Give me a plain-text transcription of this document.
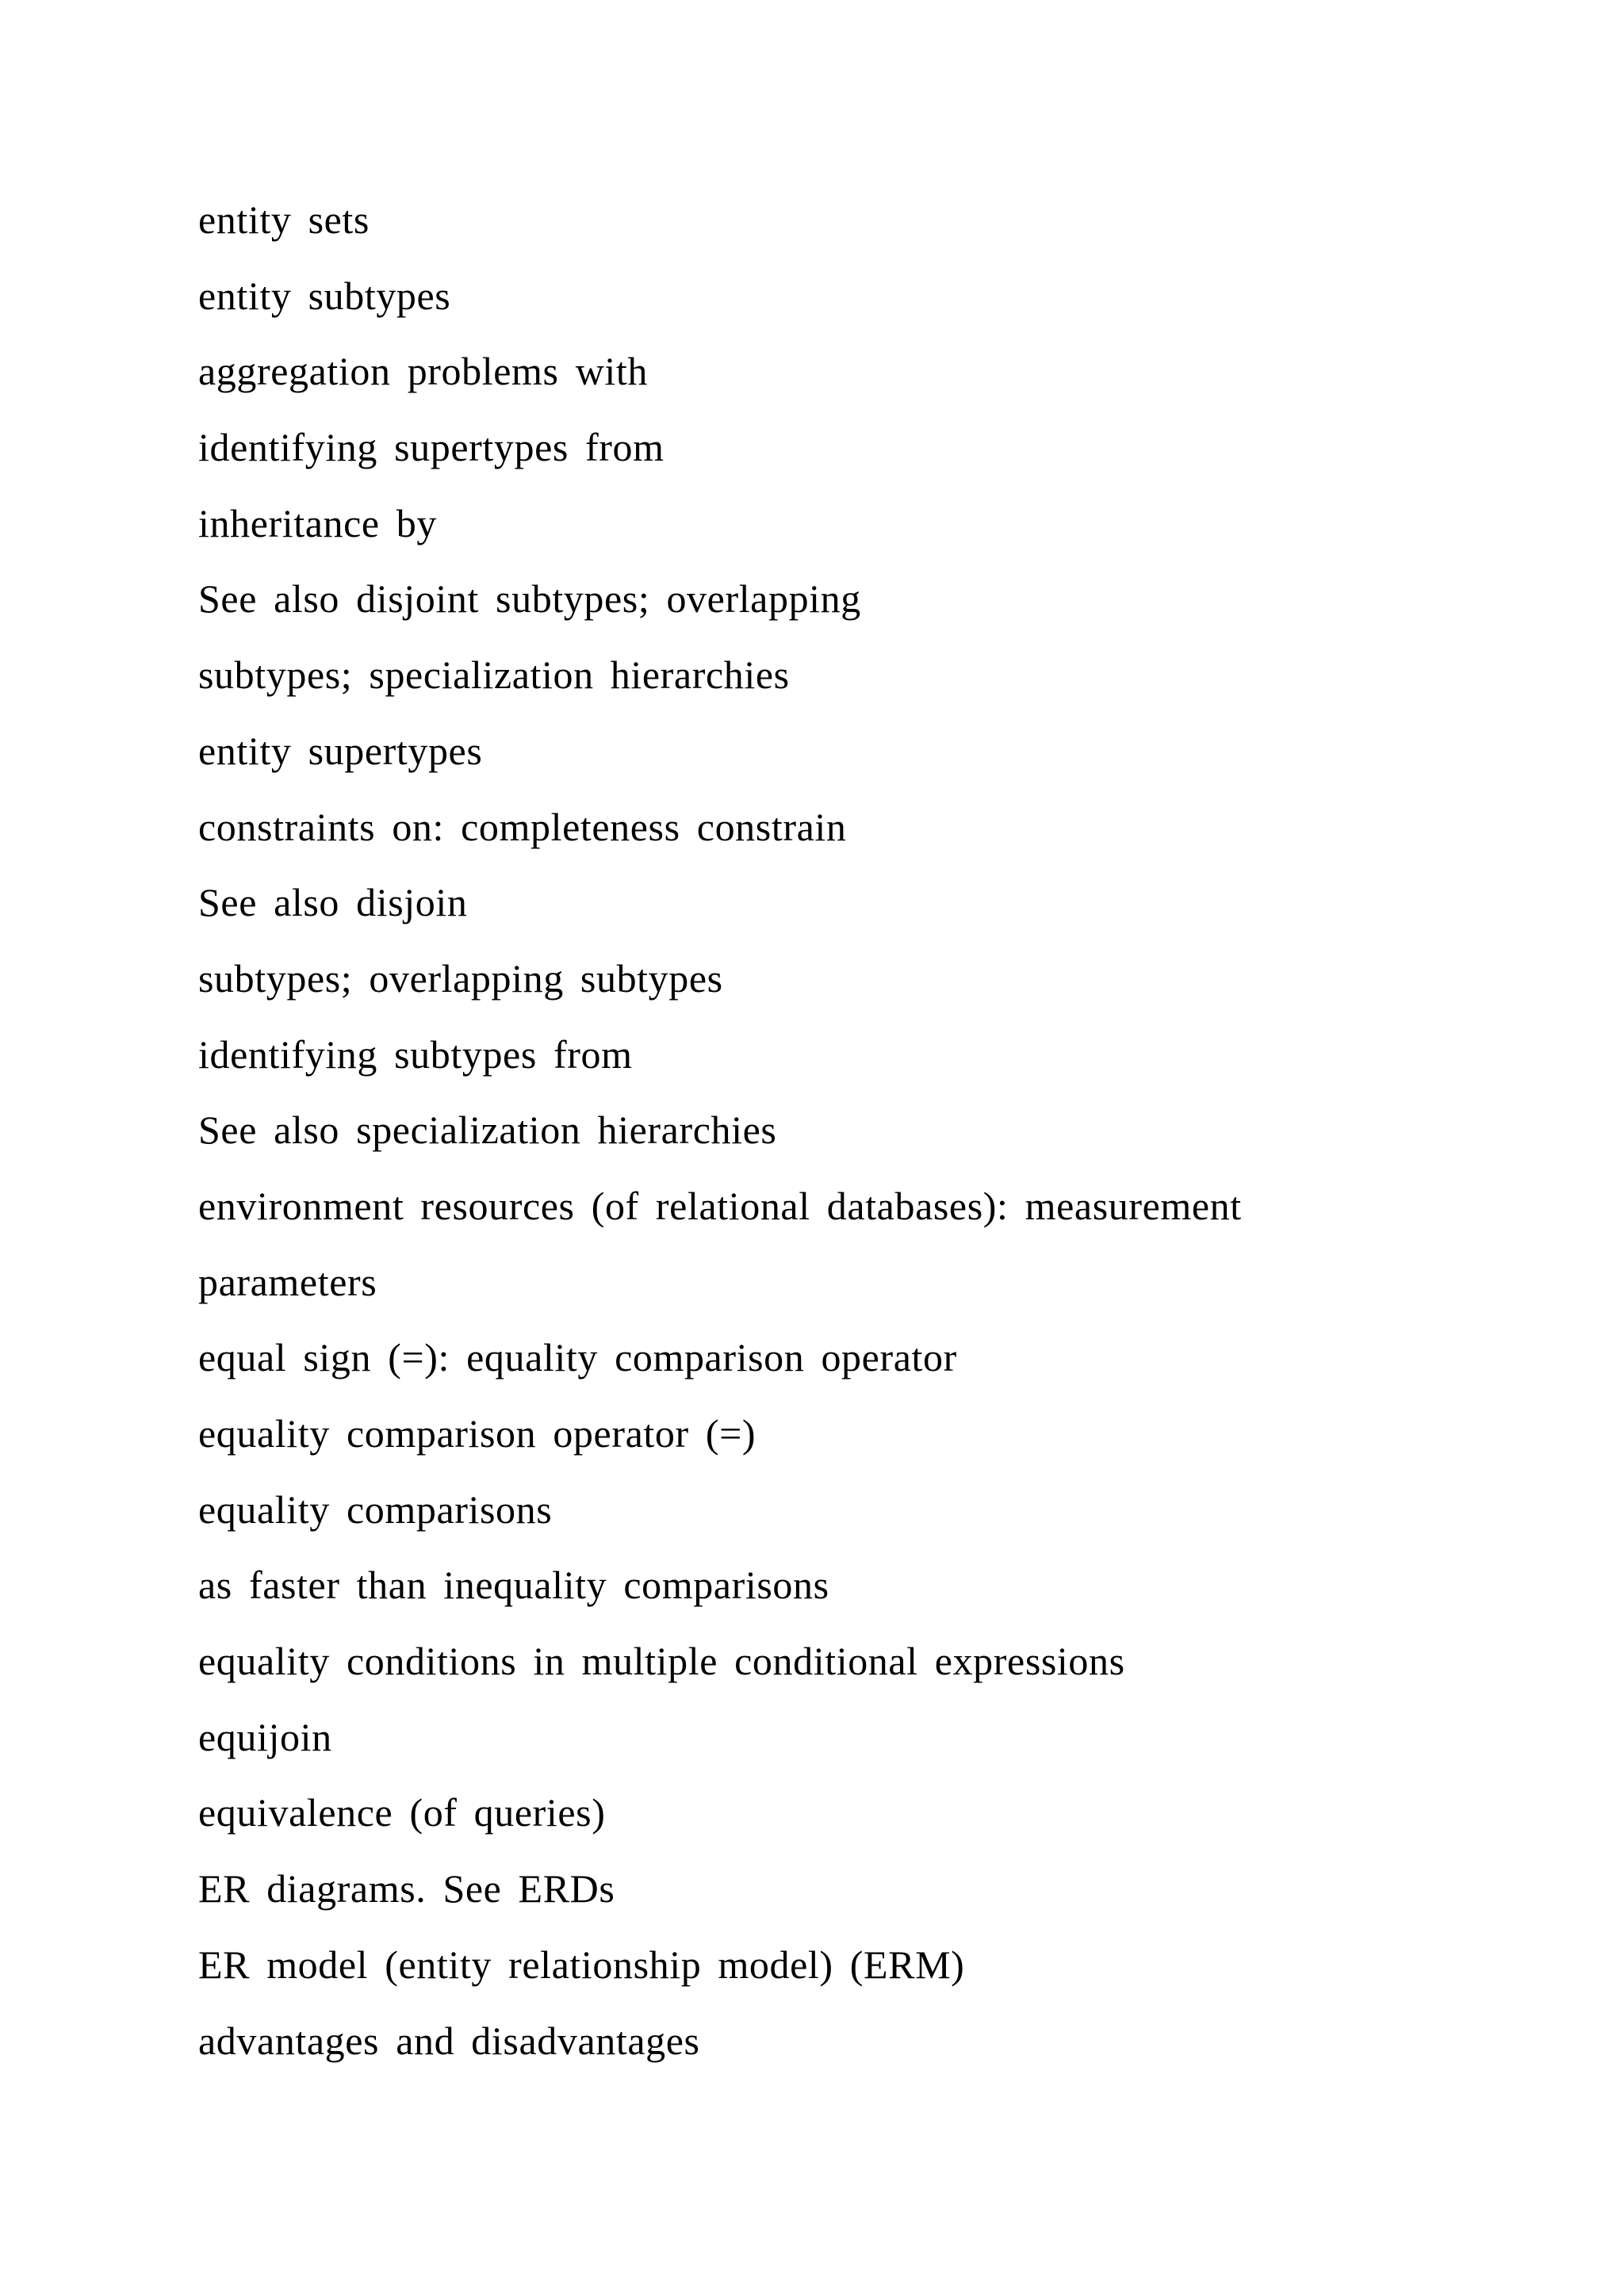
entity sets
entity subtypes
aggregation problems with
identifying supertypes from
inheritance by
See also disjoint subtypes; overlapping
subtypes; specialization hierarchies
entity supertypes
constraints on: completeness constrain
See also disjoin
subtypes; overlapping subtypes
identifying subtypes from
See also specialization hierarchies
environment resources (of relational databases): measurement
parameters
equal sign (=): equality comparison operator
equality comparison operator (=)
equality comparisons
as faster than inequality comparisons
equality conditions in multiple conditional expressions
equijoin
equivalence (of queries)
ER diagrams. See ERDs
ER model (entity relationship model) (ERM)
advantages and disadvantages
